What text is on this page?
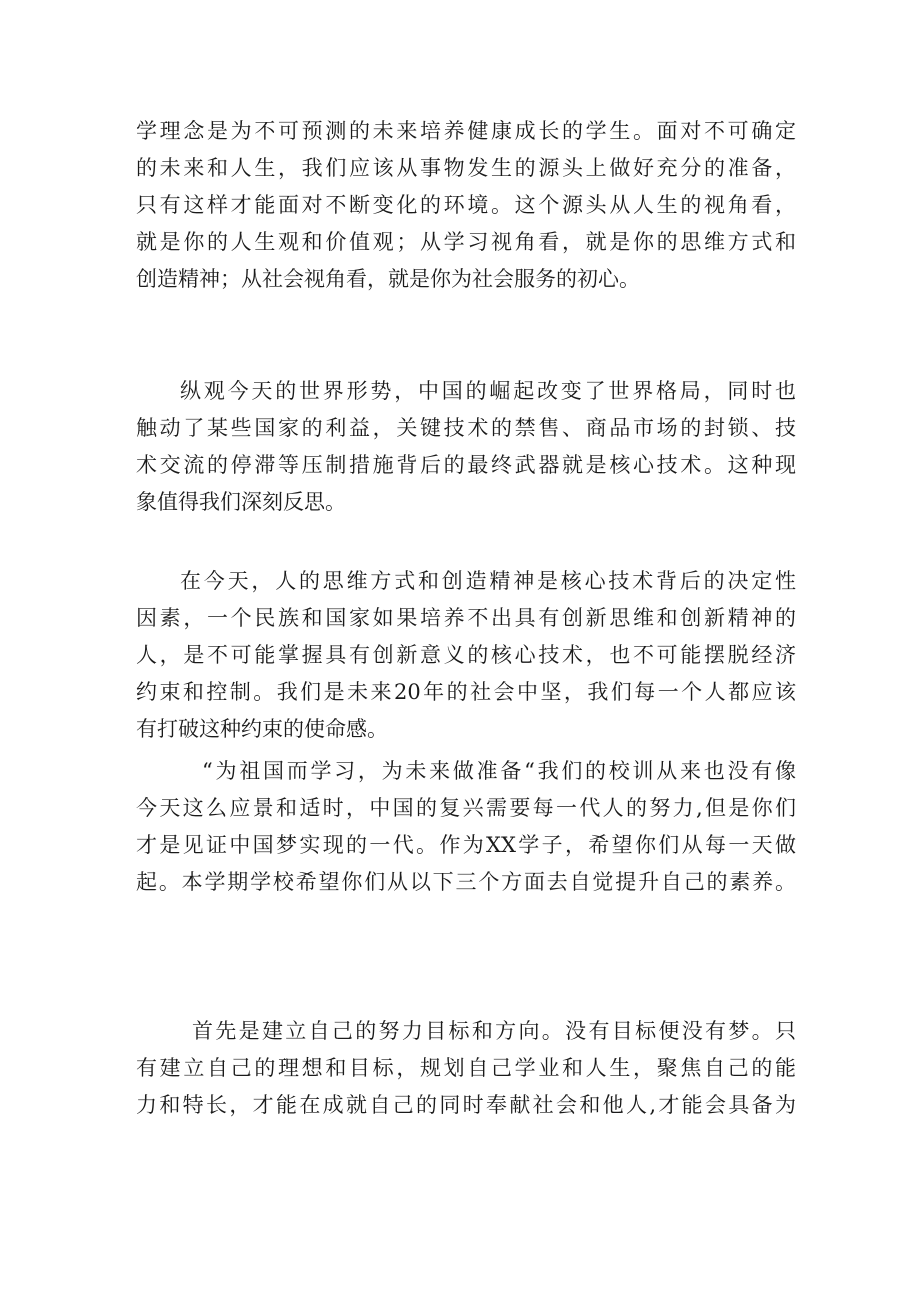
学理念是为不可预测的未来培养健康成长的学生。面对不可确定
的未来和人生，我们应该从事物发生的源头上做好充分的准备，
只有这样才能面对不断变化的环境。这个源头从人生的视角看，
就是你的人生观和价值观；从学习视角看，就是你的思维方式和
创造精神；从社会视角看，就是你为社会服务的初心。
纵观今天的世界形势，中国的崛起改变了世界格局，同时也
触动了某些国家的利益，关键技术的禁售、商品市场的封锁、技
术交流的停滞等压制措施背后的最终武器就是核心技术。这种现
象值得我们深刻反思。
在今天，人的思维方式和创造精神是核心技术背后的决定性
因素，一个民族和国家如果培养不出具有创新思维和创新精神的
人，是不可能掌握具有创新意义的核心技术，也不可能摆脱经济
约束和控制。我们是未来20年的社会中坚，我们每一个人都应该
有打破这种约束的使命感。
“为祖国而学习，为未来做准备“我们的校训从来也没有像
今天这么应景和适时，中国的复兴需要每一代人的努力,但是你们
才是见证中国梦实现的一代。作为XX学子，希望你们从每一天做
起。本学期学校希望你们从以下三个方面去自觉提升自己的素养。
首先是建立自己的努力目标和方向。没有目标便没有梦。只
有建立自己的理想和目标，规划自己学业和人生，聚焦自己的能
力和特长，才能在成就自己的同时奉献社会和他人,才能会具备为
